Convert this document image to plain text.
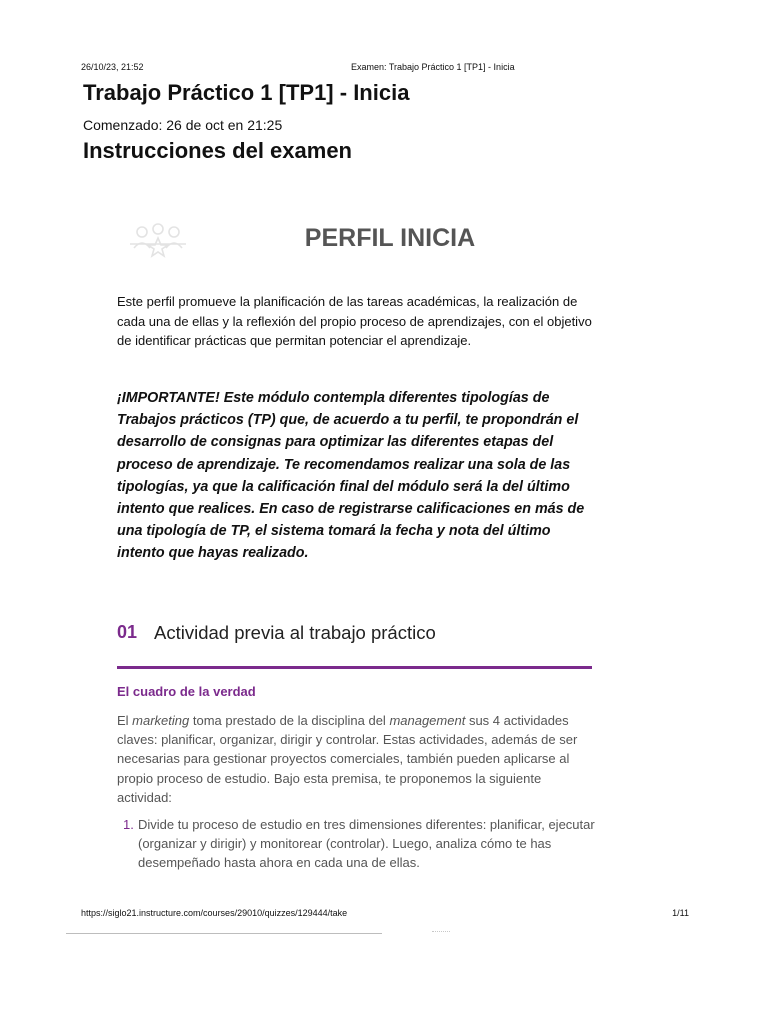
26/10/23, 21:52	Examen: Trabajo Práctico 1 [TP1] - Inicia
Trabajo Práctico 1 [TP1] - Inicia
Comenzado: 26 de oct en 21:25
Instrucciones del examen
PERFIL INICIA

Este perfil promueve la planificación de las tareas académicas, la realización de cada una de ellas y la reflexión del propio proceso de aprendizajes, con el objetivo de identificar prácticas que permitan potenciar el aprendizaje.

¡IMPORTANTE! Este módulo contempla diferentes tipologías de Trabajos prácticos (TP) que, de acuerdo a tu perfil, te propondrán el desarrollo de consignas para optimizar las diferentes etapas del proceso de aprendizaje. Te recomendamos realizar una sola de las tipologías, ya que la calificación final del módulo será la del último intento que realices. En caso de registrarse calificaciones en más de una tipología de TP, el sistema tomará la fecha y nota del último intento que hayas realizado.

01 Actividad previa al trabajo práctico
El cuadro de la verdad

El marketing toma prestado de la disciplina del management sus 4 actividades claves: planificar, organizar, dirigir y controlar. Estas actividades, además de ser necesarias para gestionar proyectos comerciales, también pueden aplicarse al propio proceso de estudio. Bajo esta premisa, te proponemos la siguiente actividad:

1. Divide tu proceso de estudio en tres dimensiones diferentes: planificar, ejecutar (organizar y dirigir) y monitorear (controlar). Luego, analiza cómo te has desempeñado hasta ahora en cada una de ellas.
https://siglo21.instructure.com/courses/29010/quizzes/129444/take	1/11
